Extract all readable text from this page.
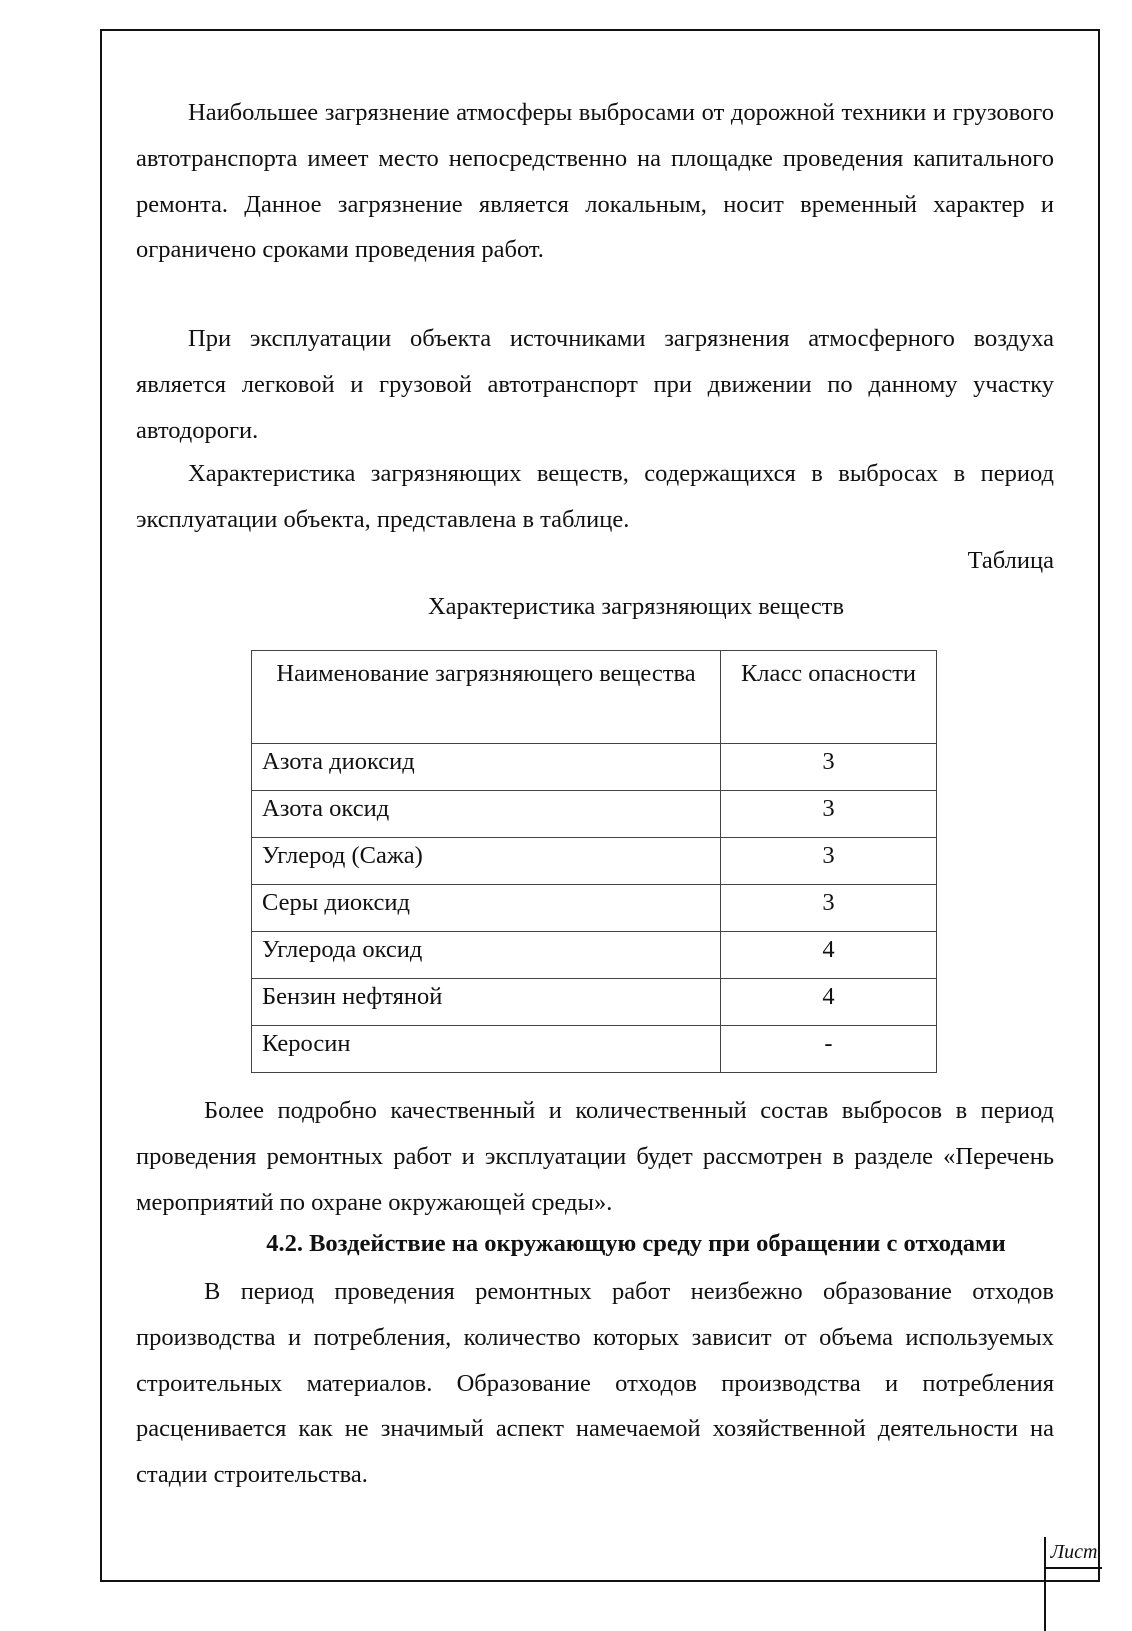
Наибольшее загрязнение атмосферы выбросами от дорожной техники и грузового автотранспорта имеет место непосредственно на площадке проведения капитального ремонта. Данное загрязнение является локальным, носит временный характер и ограничено сроками проведения работ.

При эксплуатации объекта источниками загрязнения атмосферного воздуха является легковой и грузовой автотранспорт при движении по данному участку автодороги.

Характеристика загрязняющих веществ, содержащихся в выбросах в период эксплуатации объекта, представлена в таблице.

Таблица
Характеристика загрязняющих веществ
Наименование загрязняющего вещества	Класс опасности
Азота диоксид	3
Азота оксид	3
Углерод (Сажа)	3
Серы диоксид	3
Углерода оксид	4
Бензин нефтяной	4
Керосин	-

Более подробно качественный и количественный состав выбросов в период проведения ремонтных работ и эксплуатации будет рассмотрен в разделе «Перечень мероприятий по охране окружающей среды».

4.2. Воздействие на окружающую среду при обращении с отходами

В период проведения ремонтных работ неизбежно образование отходов производства и потребления, количество которых зависит от объема используемых строительных материалов. Образование отходов производства и потребления расценивается как не значимый аспект намечаемой хозяйственной деятельности на стадии строительства.

Лист
